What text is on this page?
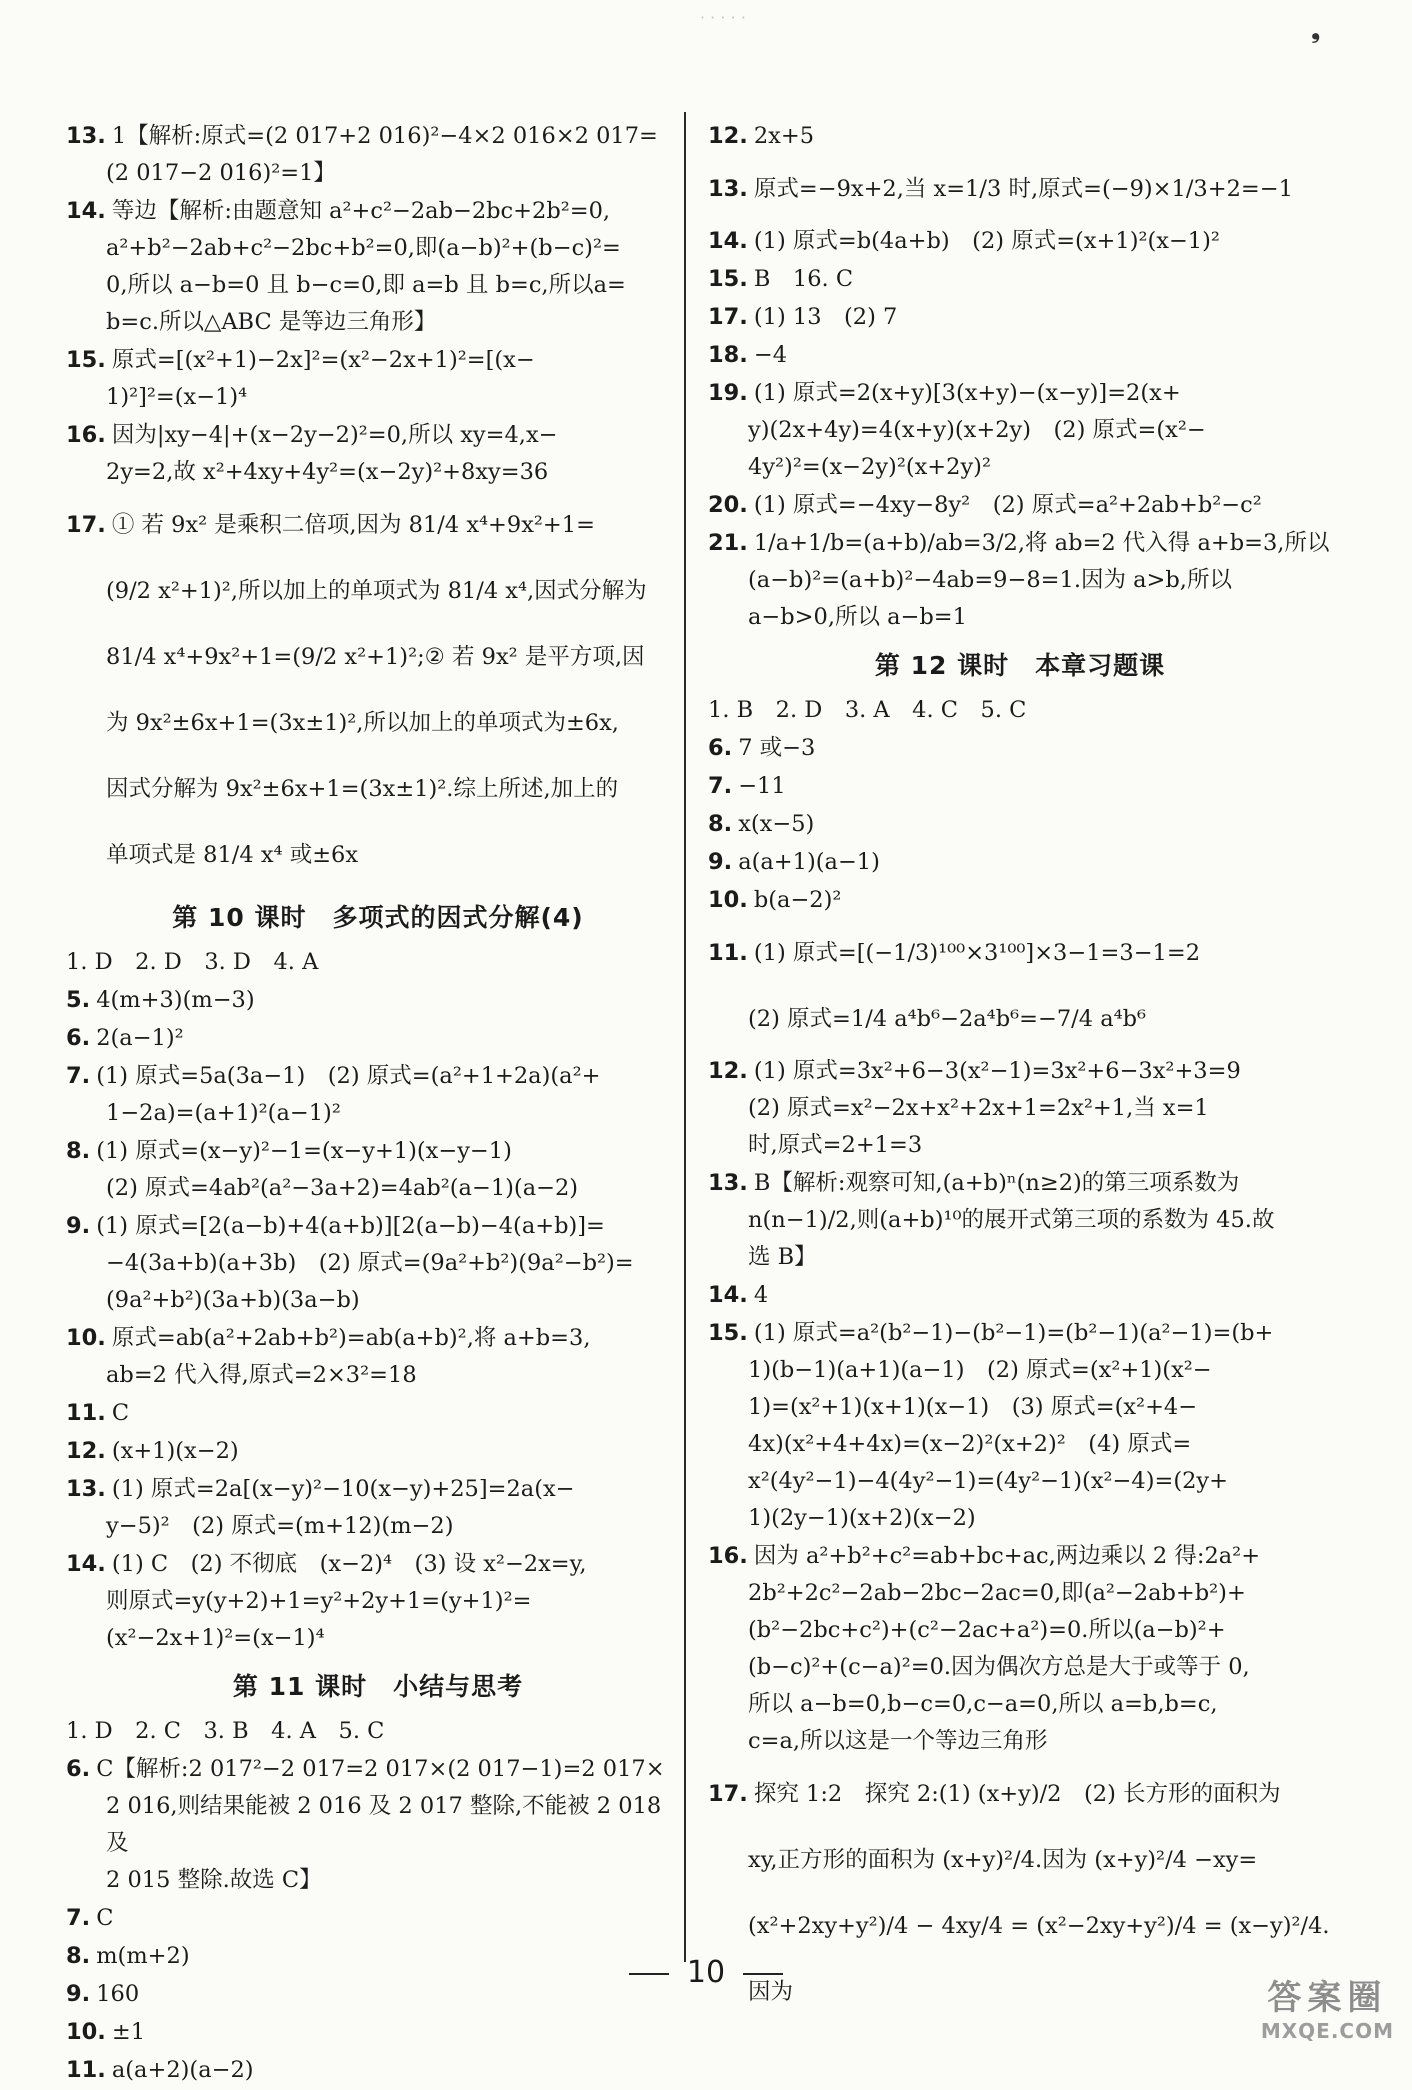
· · · · ·
❟
13. 1【解析:原式=(2 017+2 016)²−4×2 016×2 017=
(2 017−2 016)²=1】
14. 等边【解析:由题意知 a²+c²−2ab−2bc+2b²=0,
a²+b²−2ab+c²−2bc+b²=0,即(a−b)²+(b−c)²=
0,所以 a−b=0 且 b−c=0,即 a=b 且 b=c,所以a=
b=c.所以△ABC 是等边三角形】
15. 原式=[(x²+1)−2x]²=(x²−2x+1)²=[(x−
1)²]²=(x−1)⁴
16. 因为|xy−4|+(x−2y−2)²=0,所以 xy=4,x−
2y=2,故 x²+4xy+4y²=(x−2y)²+8xy=36
17. ① 若 9x² 是乘积二倍项,因为 81/4 x⁴+9x²+1=
(9/2 x²+1)²,所以加上的单项式为 81/4 x⁴,因式分解为
81/4 x⁴+9x²+1=(9/2 x²+1)²;② 若 9x² 是平方项,因
为 9x²±6x+1=(3x±1)²,所以加上的单项式为±6x,
因式分解为 9x²±6x+1=(3x±1)².综上所述,加上的
单项式是 81/4 x⁴ 或±6x
第 10 课时　多项式的因式分解(4)
1. D　2. D　3. D　4. A
5. 4(m+3)(m−3)
6. 2(a−1)²
7. (1) 原式=5a(3a−1)　(2) 原式=(a²+1+2a)(a²+
1−2a)=(a+1)²(a−1)²
8. (1) 原式=(x−y)²−1=(x−y+1)(x−y−1)
(2) 原式=4ab²(a²−3a+2)=4ab²(a−1)(a−2)
9. (1) 原式=[2(a−b)+4(a+b)][2(a−b)−4(a+b)]=
−4(3a+b)(a+3b)　(2) 原式=(9a²+b²)(9a²−b²)=
(9a²+b²)(3a+b)(3a−b)
10. 原式=ab(a²+2ab+b²)=ab(a+b)²,将 a+b=3,
ab=2 代入得,原式=2×3²=18
11. C
12. (x+1)(x−2)
13. (1) 原式=2a[(x−y)²−10(x−y)+25]=2a(x−
y−5)²　(2) 原式=(m+12)(m−2)
14. (1) C　(2) 不彻底　(x−2)⁴　(3) 设 x²−2x=y,
则原式=y(y+2)+1=y²+2y+1=(y+1)²=
(x²−2x+1)²=(x−1)⁴
第 11 课时　小结与思考
1. D　2. C　3. B　4. A　5. C
6. C【解析:2 017²−2 017=2 017×(2 017−1)=2 017×
2 016,则结果能被 2 016 及 2 017 整除,不能被 2 018 及
2 015 整除.故选 C】
7. C
8. m(m+2)
9. 160
10. ±1
11. a(a+2)(a−2)
12. 2x+5
13. 原式=−9x+2,当 x=1/3 时,原式=(−9)×1/3+2=−1
14. (1) 原式=b(4a+b)　(2) 原式=(x+1)²(x−1)²
15. B　16. C
17. (1) 13　(2) 7
18. −4
19. (1) 原式=2(x+y)[3(x+y)−(x−y)]=2(x+
y)(2x+4y)=4(x+y)(x+2y)　(2) 原式=(x²−
4y²)²=(x−2y)²(x+2y)²
20. (1) 原式=−4xy−8y²　(2) 原式=a²+2ab+b²−c²
21. 1/a+1/b=(a+b)/ab=3/2,将 ab=2 代入得 a+b=3,所以
(a−b)²=(a+b)²−4ab=9−8=1.因为 a>b,所以
a−b>0,所以 a−b=1
第 12 课时　本章习题课
1. B　2. D　3. A　4. C　5. C
6. 7 或−3
7. −11
8. x(x−5)
9. a(a+1)(a−1)
10. b(a−2)²
11. (1) 原式=[(−1/3)¹⁰⁰×3¹⁰⁰]×3−1=3−1=2
(2) 原式=1/4 a⁴b⁶−2a⁴b⁶=−7/4 a⁴b⁶
12. (1) 原式=3x²+6−3(x²−1)=3x²+6−3x²+3=9
(2) 原式=x²−2x+x²+2x+1=2x²+1,当 x=1
时,原式=2+1=3
13. B【解析:观察可知,(a+b)ⁿ(n≥2)的第三项系数为
n(n−1)/2,则(a+b)¹⁰的展开式第三项的系数为 45.故
选 B】
14. 4
15. (1) 原式=a²(b²−1)−(b²−1)=(b²−1)(a²−1)=(b+
1)(b−1)(a+1)(a−1)　(2) 原式=(x²+1)(x²−
1)=(x²+1)(x+1)(x−1)　(3) 原式=(x²+4−
4x)(x²+4+4x)=(x−2)²(x+2)²　(4) 原式=
x²(4y²−1)−4(4y²−1)=(4y²−1)(x²−4)=(2y+
1)(2y−1)(x+2)(x−2)
16. 因为 a²+b²+c²=ab+bc+ac,两边乘以 2 得:2a²+
2b²+2c²−2ab−2bc−2ac=0,即(a²−2ab+b²)+
(b²−2bc+c²)+(c²−2ac+a²)=0.所以(a−b)²+
(b−c)²+(c−a)²=0.因为偶次方总是大于或等于 0,
所以 a−b=0,b−c=0,c−a=0,所以 a=b,b=c,
c=a,所以这是一个等边三角形
17. 探究 1:2　探究 2:(1) (x+y)/2　(2) 长方形的面积为
xy,正方形的面积为 (x+y)²/4.因为 (x+y)²/4 −xy=
(x²+2xy+y²)/4 − 4xy/4 = (x²−2xy+y²)/4 = (x−y)²/4.因为
10
答案圈
MXQE.COM
